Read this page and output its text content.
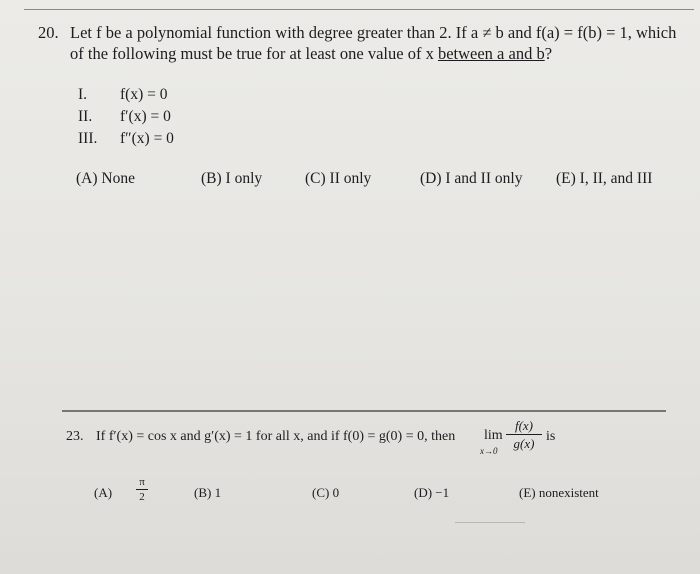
20. Let f be a polynomial function with degree greater than 2. If a ≠ b and f(a) = f(b) = 1, which
of the following must be true for at least one value of x between a and b?
I.	f(x) = 0
II.	f′(x) = 0
III.	f″(x) = 0
(A) None	(B) I only	(C) II only	(D) I and II only (E) I, II, and III
23. If f′(x) = cos x and g′(x) = 1 for all x, and if f(0) = g(0) = 0, then lim
x→0
f(x)
g(x) is
(A)	(B) 1	(C) 0	(D) −1	(E) nonexistent
π
2
